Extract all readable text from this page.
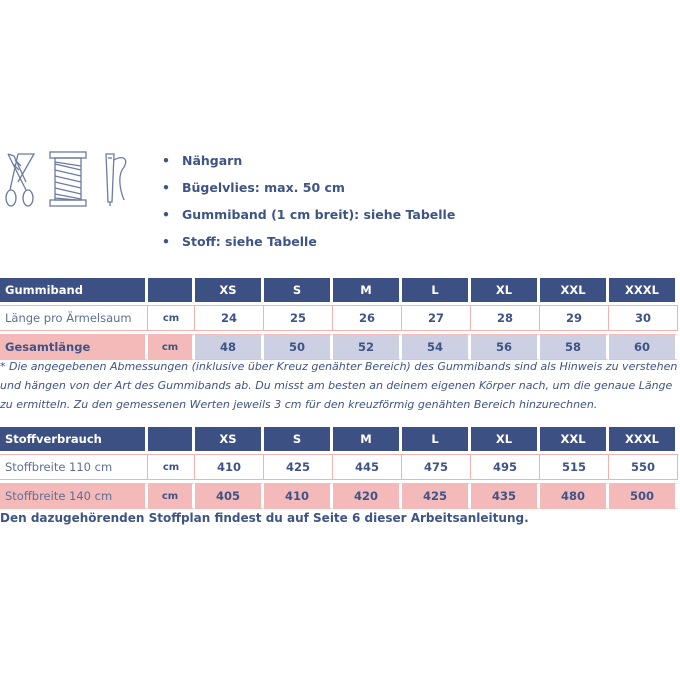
• Nähgarn
• Bügelvlies: max. 50 cm
• Gummiband (1 cm breit): siehe Tabelle
• Stoff: siehe Tabelle
Gummiband		XS	S	M	L	XL	XXL	XXXL

Länge pro Ärmelsaum	cm	24	25	26	27	28	29	30

Gesamtlänge	cm	48	50	52	54	56	58	60
* Die angegebenen Abmessungen (inklusive über Kreuz genähter Bereich) des Gummibands sind als Hinweis zu verstehen
und hängen von der Art des Gummibands ab. Du misst am besten an deinem eigenen Körper nach, um die genaue Länge
zu ermitteln. Zu den gemessenen Werten jeweils 3 cm für den kreuzförmig genähten Bereich hinzurechnen.
Stoffverbrauch		XS	S	M	L	XL	XXL	XXXL

Stoffbreite 110 cm	cm	410	425	445	475	495	515	550

Stoffbreite 140 cm	cm	405	410	420	425	435	480	500
Den dazugehörenden Stoffplan findest du auf Seite 6 dieser Arbeitsanleitung.
